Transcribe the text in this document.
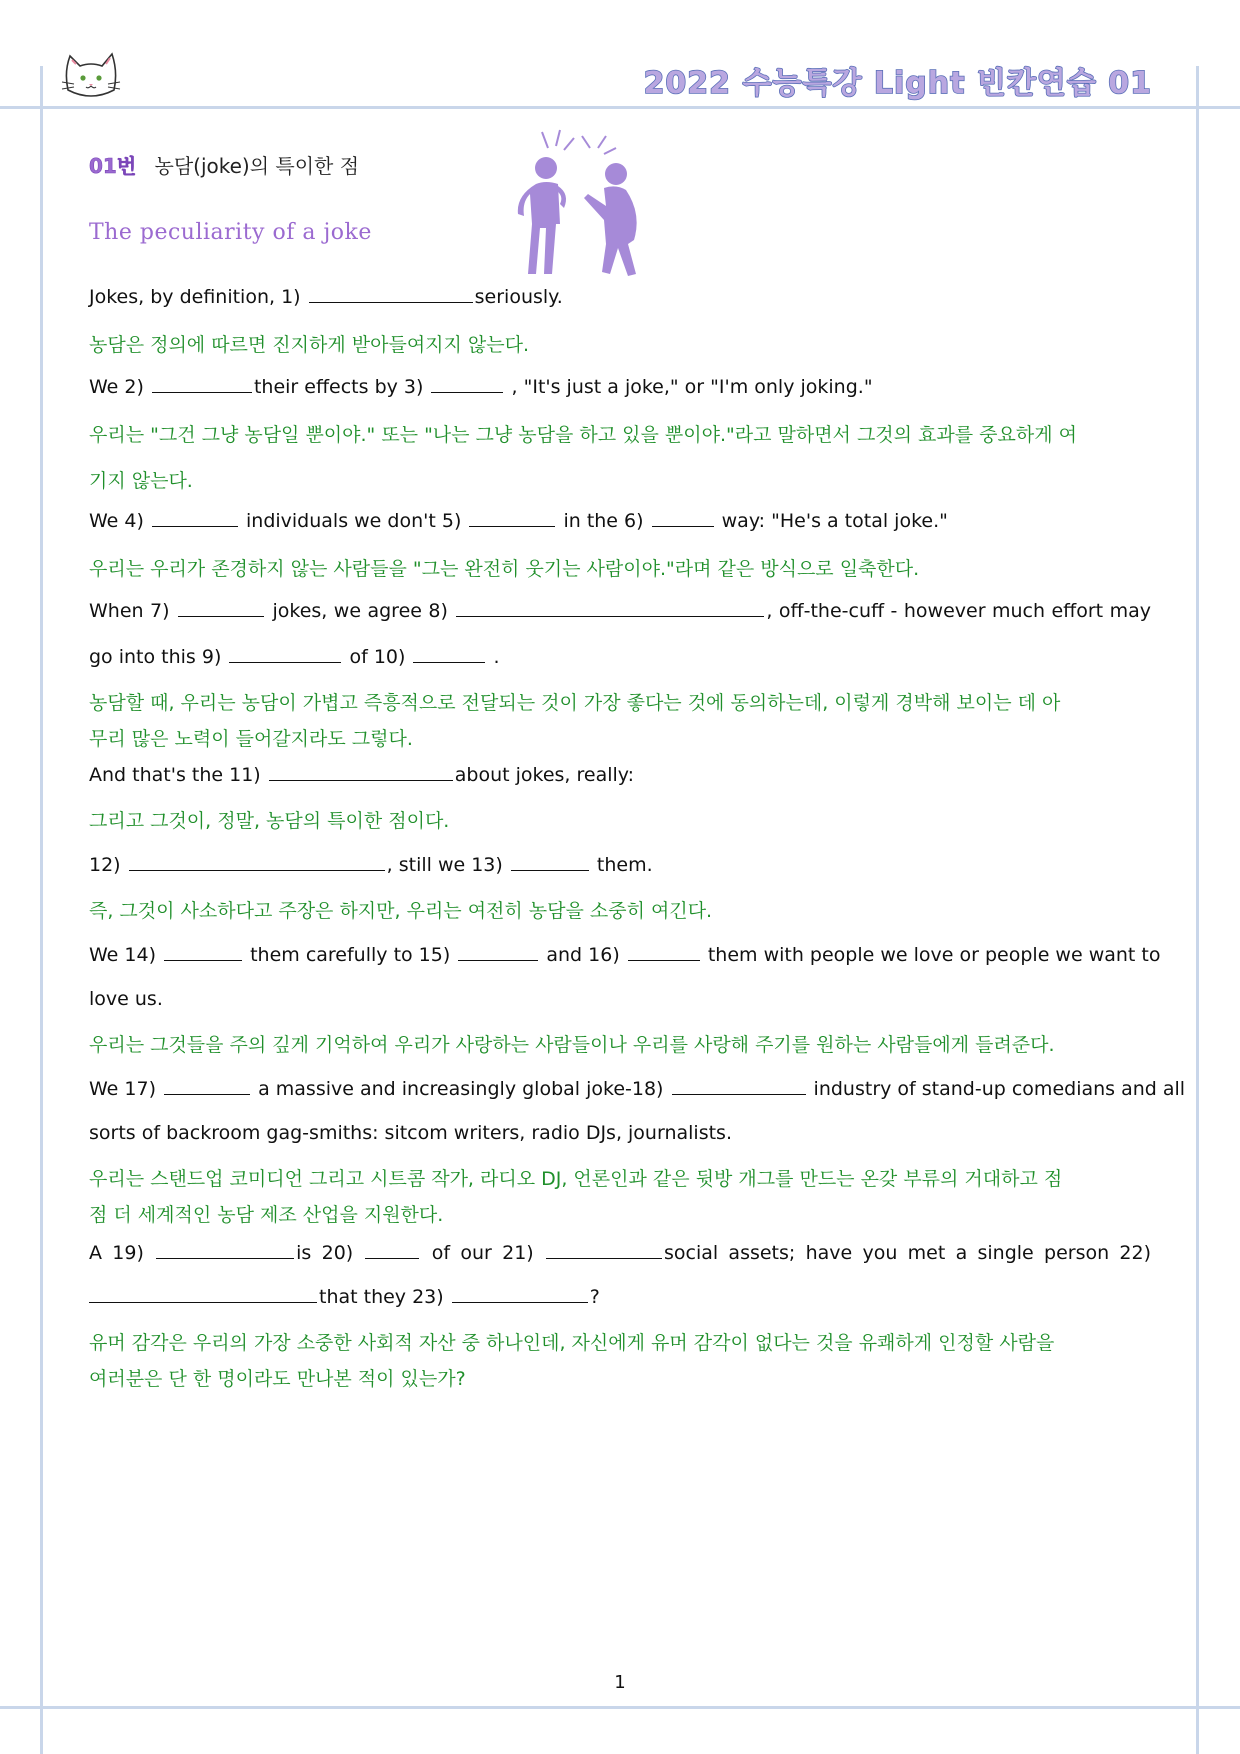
2022 수능특강 Light 빈칸연습 01
01번 농담(joke)의 특이한 점
The peculiarity of a joke
Jokes, by definition, 1)	seriously.
농담은 정의에 따르면 진지하게 받아들여지지 않는다.
We 2)	their effects by 3)	, "It's just a joke," or "I'm only joking."
우리는 "그건 그냥 농담일 뿐이야." 또는 "나는 그냥 농담을 하고 있을 뿐이야."라고 말하면서 그것의 효과를 중요하게 여
기지 않는다.
We 4)	individuals we don't 5)	in the 6)	way: "He's a total joke."
우리는 우리가 존경하지 않는 사람들을 "그는 완전히 웃기는 사람이야."라며 같은 방식으로 일축한다.
When 7)	jokes, we agree 8)	, off-the-cuff - however much effort may
go into this 9)	of 10)	.
농담할 때, 우리는 농담이 가볍고 즉흥적으로 전달되는 것이 가장 좋다는 것에 동의하는데, 이렇게 경박해 보이는 데 아
무리 많은 노력이 들어갈지라도 그렇다.
And that's the 11)	about jokes, really:
그리고 그것이, 정말, 농담의 특이한 점이다.
12)	, still we 13)	them.
즉, 그것이 사소하다고 주장은 하지만, 우리는 여전히 농담을 소중히 여긴다.
We 14)	them carefully to 15)	and 16)	them with people we love or people we want to
love us.
우리는 그것들을 주의 깊게 기억하여 우리가 사랑하는 사람들이나 우리를 사랑해 주기를 원하는 사람들에게 들려준다.
We 17)	a massive and increasingly global joke-18)	industry of stand-up comedians and all
sorts of backroom gag-smiths: sitcom writers, radio DJs, journalists.
우리는 스탠드업 코미디언 그리고 시트콤 작가, 라디오 DJ, 언론인과 같은 뒷방 개그를 만드는 온갖 부류의 거대하고 점
점 더 세계적인 농담 제조 산업을 지원한다.
A 19)	is 20)	of our 21)	social assets; have you met a single person 22)
that they 23)	?
유머 감각은 우리의 가장 소중한 사회적 자산 중 하나인데, 자신에게 유머 감각이 없다는 것을 유쾌하게 인정할 사람을
여러분은 단 한 명이라도 만나본 적이 있는가?
1
